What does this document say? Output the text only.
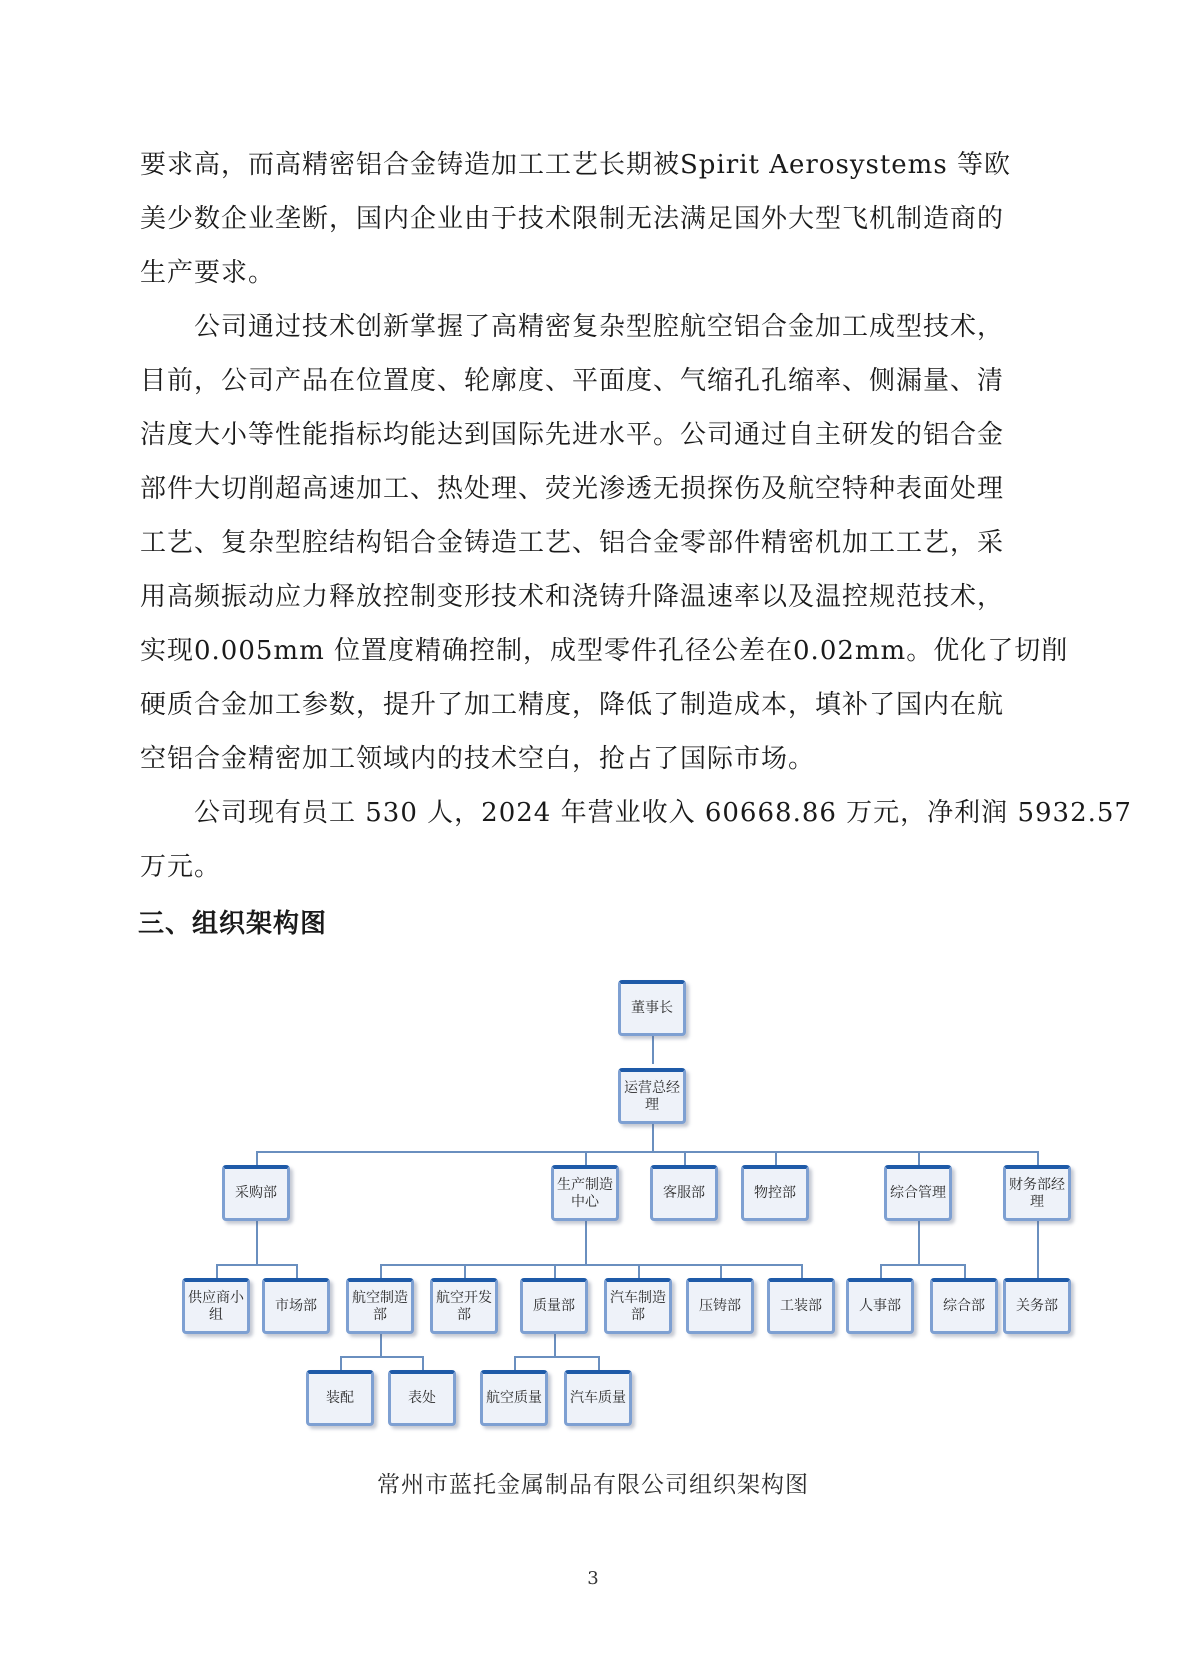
要求高，而高精密铝合金铸造加工工艺长期被Spirit Aerosystems 等欧
美少数企业垄断，国内企业由于技术限制无法满足国外大型飞机制造商的
生产要求。
　　公司通过技术创新掌握了高精密复杂型腔航空铝合金加工成型技术，
目前，公司产品在位置度、轮廓度、平面度、气缩孔孔缩率、侧漏量、清
洁度大小等性能指标均能达到国际先进水平。公司通过自主研发的铝合金
部件大切削超高速加工、热处理、荧光渗透无损探伤及航空特种表面处理
工艺、复杂型腔结构铝合金铸造工艺、铝合金零部件精密机加工工艺，采
用高频振动应力释放控制变形技术和浇铸升降温速率以及温控规范技术，
实现0.005mm 位置度精确控制，成型零件孔径公差在0.02mm。优化了切削
硬质合金加工参数，提升了加工精度，降低了制造成本，填补了国内在航
空铝合金精密加工领域内的技术空白，抢占了国际市场。
　　公司现有员工 530 人，2024 年营业收入 60668.86 万元，净利润 5932.57
万元。
三、组织架构图
董事长
运营总经理
采购部
生产制造中心
客服部	物控部	综合管理
财务部经理
供应商小组
市场部
航空制造部
航空开发部
质量部
汽车制造部
压铸部	工装部	人事部	综合部	关务部
装配	表处	航空质量	汽车质量
常州市蓝托金属制品有限公司组织架构图
3
